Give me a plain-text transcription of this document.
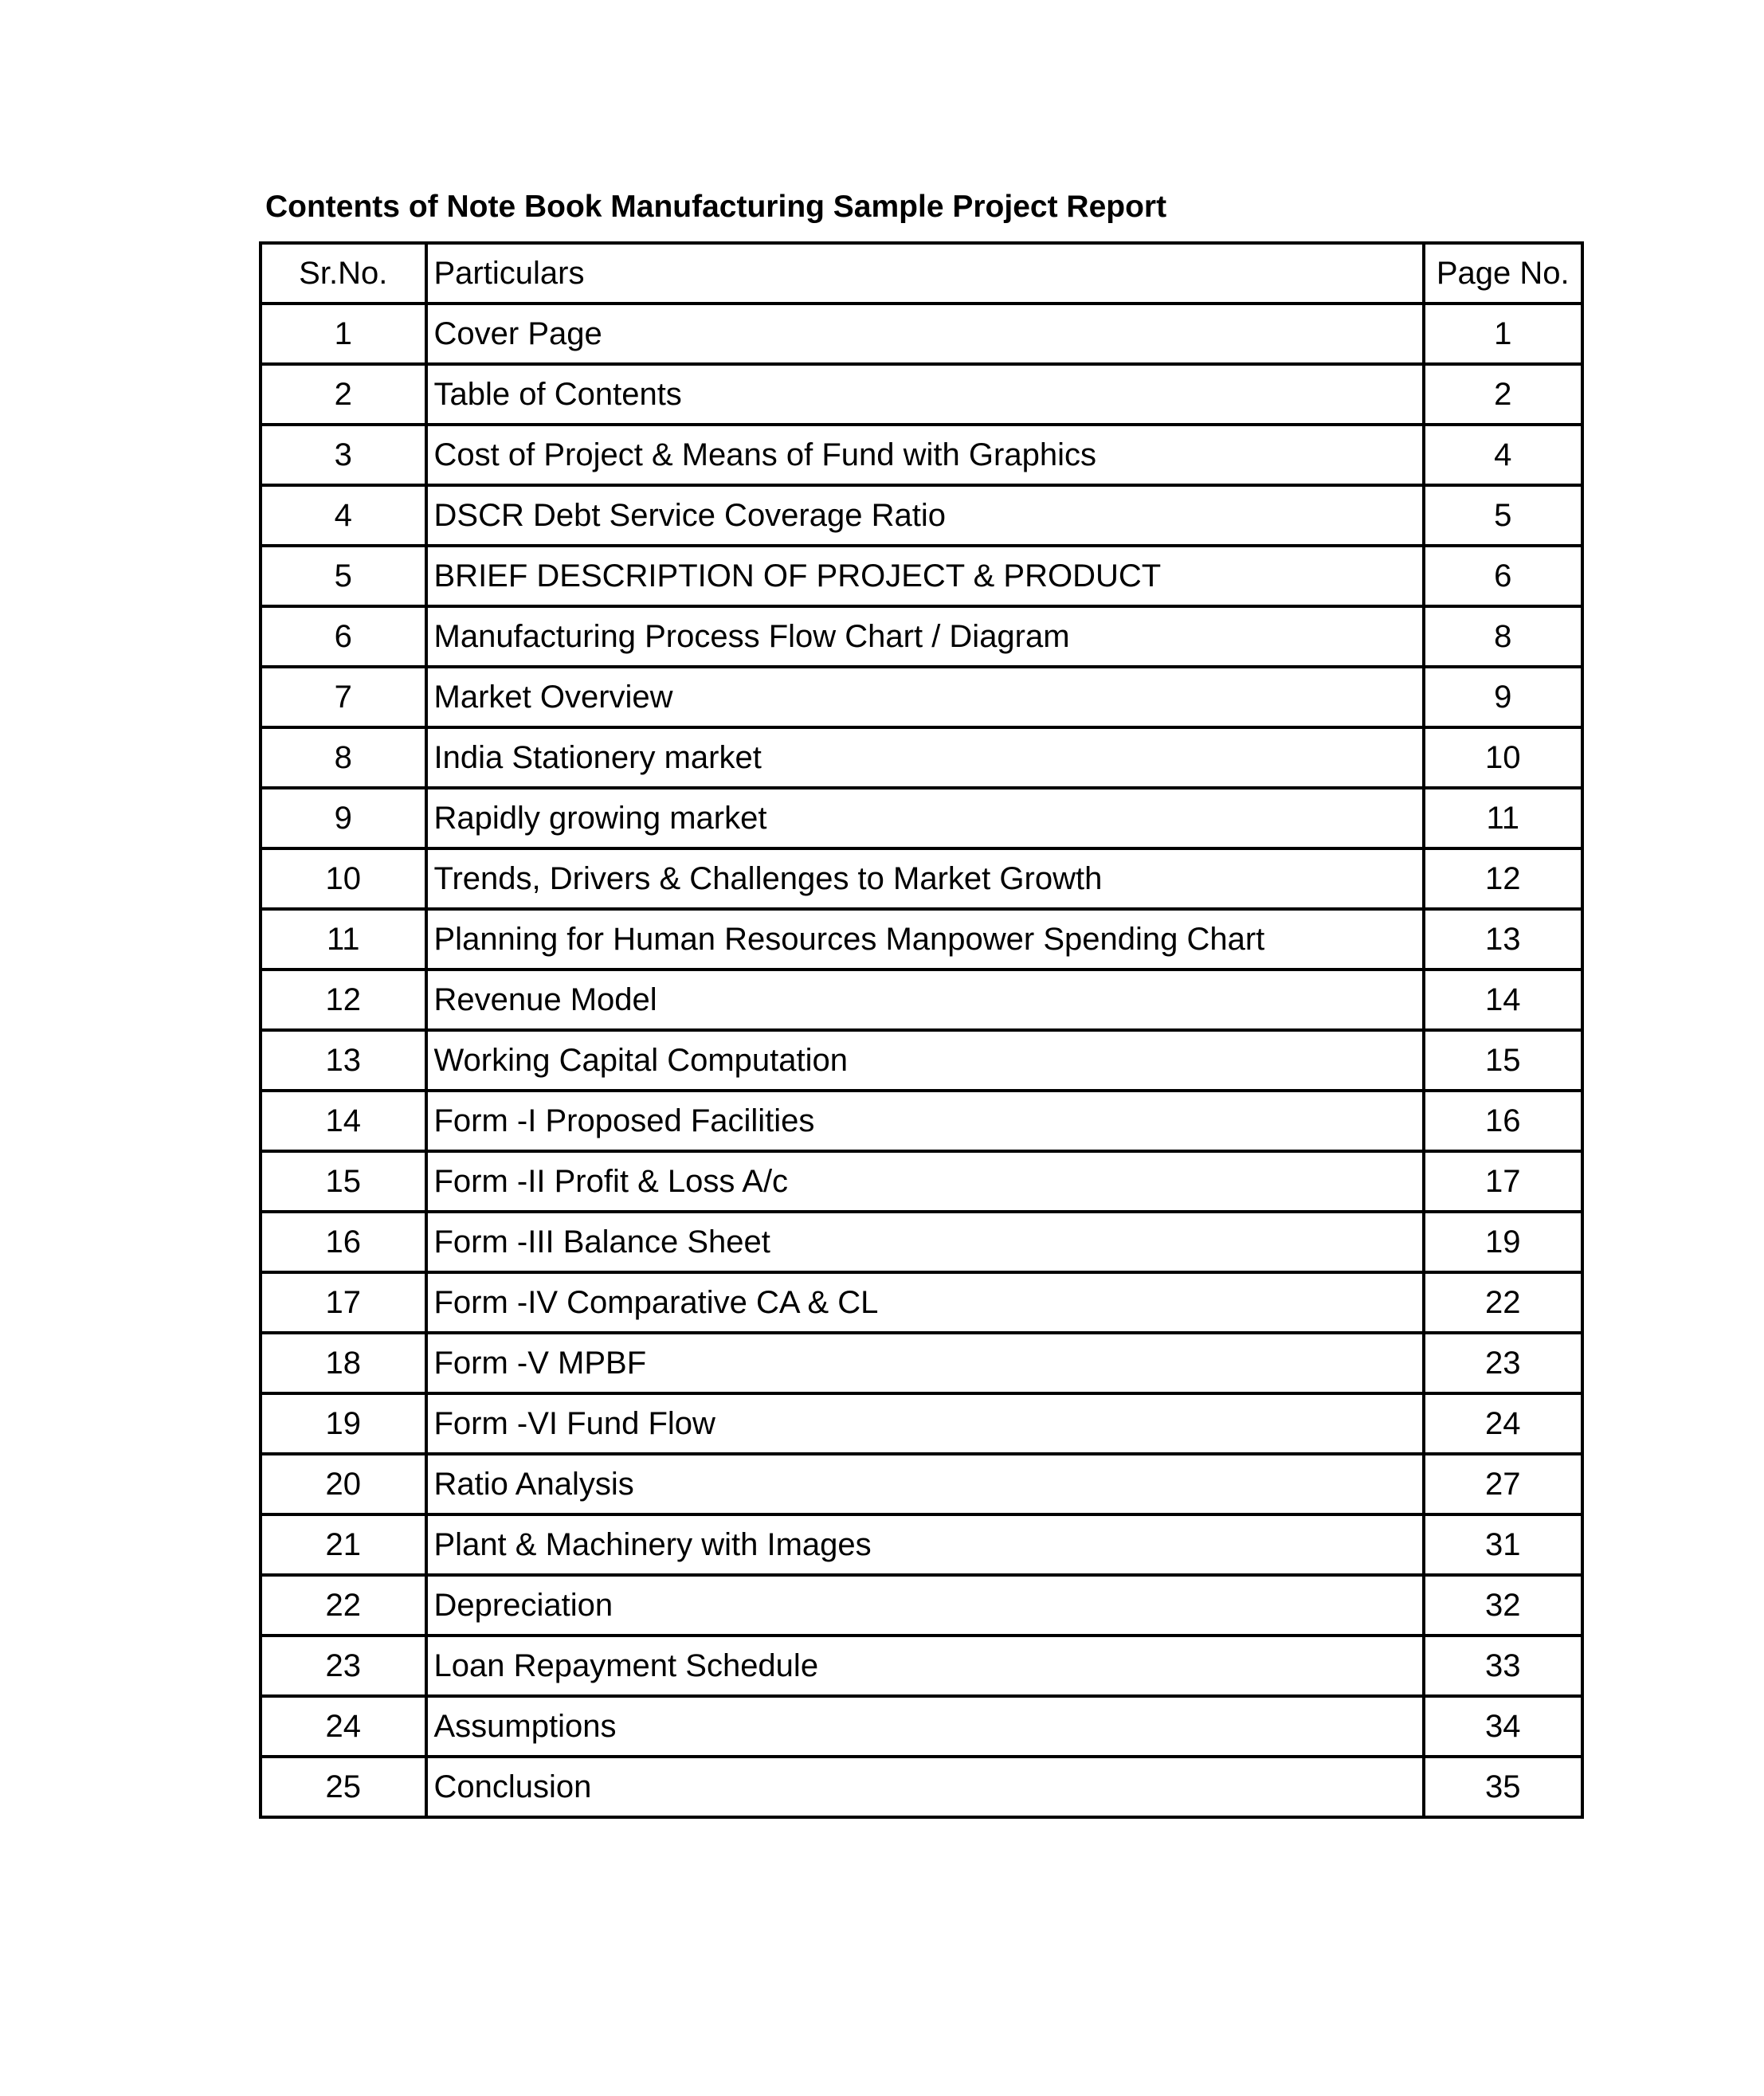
Contents of Note Book Manufacturing Sample Project Report
Sr.No.	Particulars	Page No.
1	Cover Page	1
2	Table of Contents	2
3	Cost of Project & Means of Fund with Graphics	4
4	DSCR Debt Service Coverage Ratio	5
5	BRIEF DESCRIPTION OF PROJECT & PRODUCT	6
6	Manufacturing Process Flow Chart / Diagram	8
7	Market Overview	9
8	India Stationery market	10
9	Rapidly growing market	11
10	Trends, Drivers & Challenges to Market Growth	12
11	Planning for Human Resources Manpower Spending Chart	13
12	Revenue Model	14
13	Working Capital Computation	15
14	Form -I Proposed Facilities	16
15	Form -II Profit & Loss A/c	17
16	Form -III Balance Sheet	19
17	Form -IV Comparative CA & CL	22
18	Form -V MPBF	23
19	Form -VI Fund Flow	24
20	Ratio Analysis	27
21	Plant & Machinery with Images	31
22	Depreciation	32
23	Loan Repayment Schedule	33
24	Assumptions	34
25	Conclusion	35
